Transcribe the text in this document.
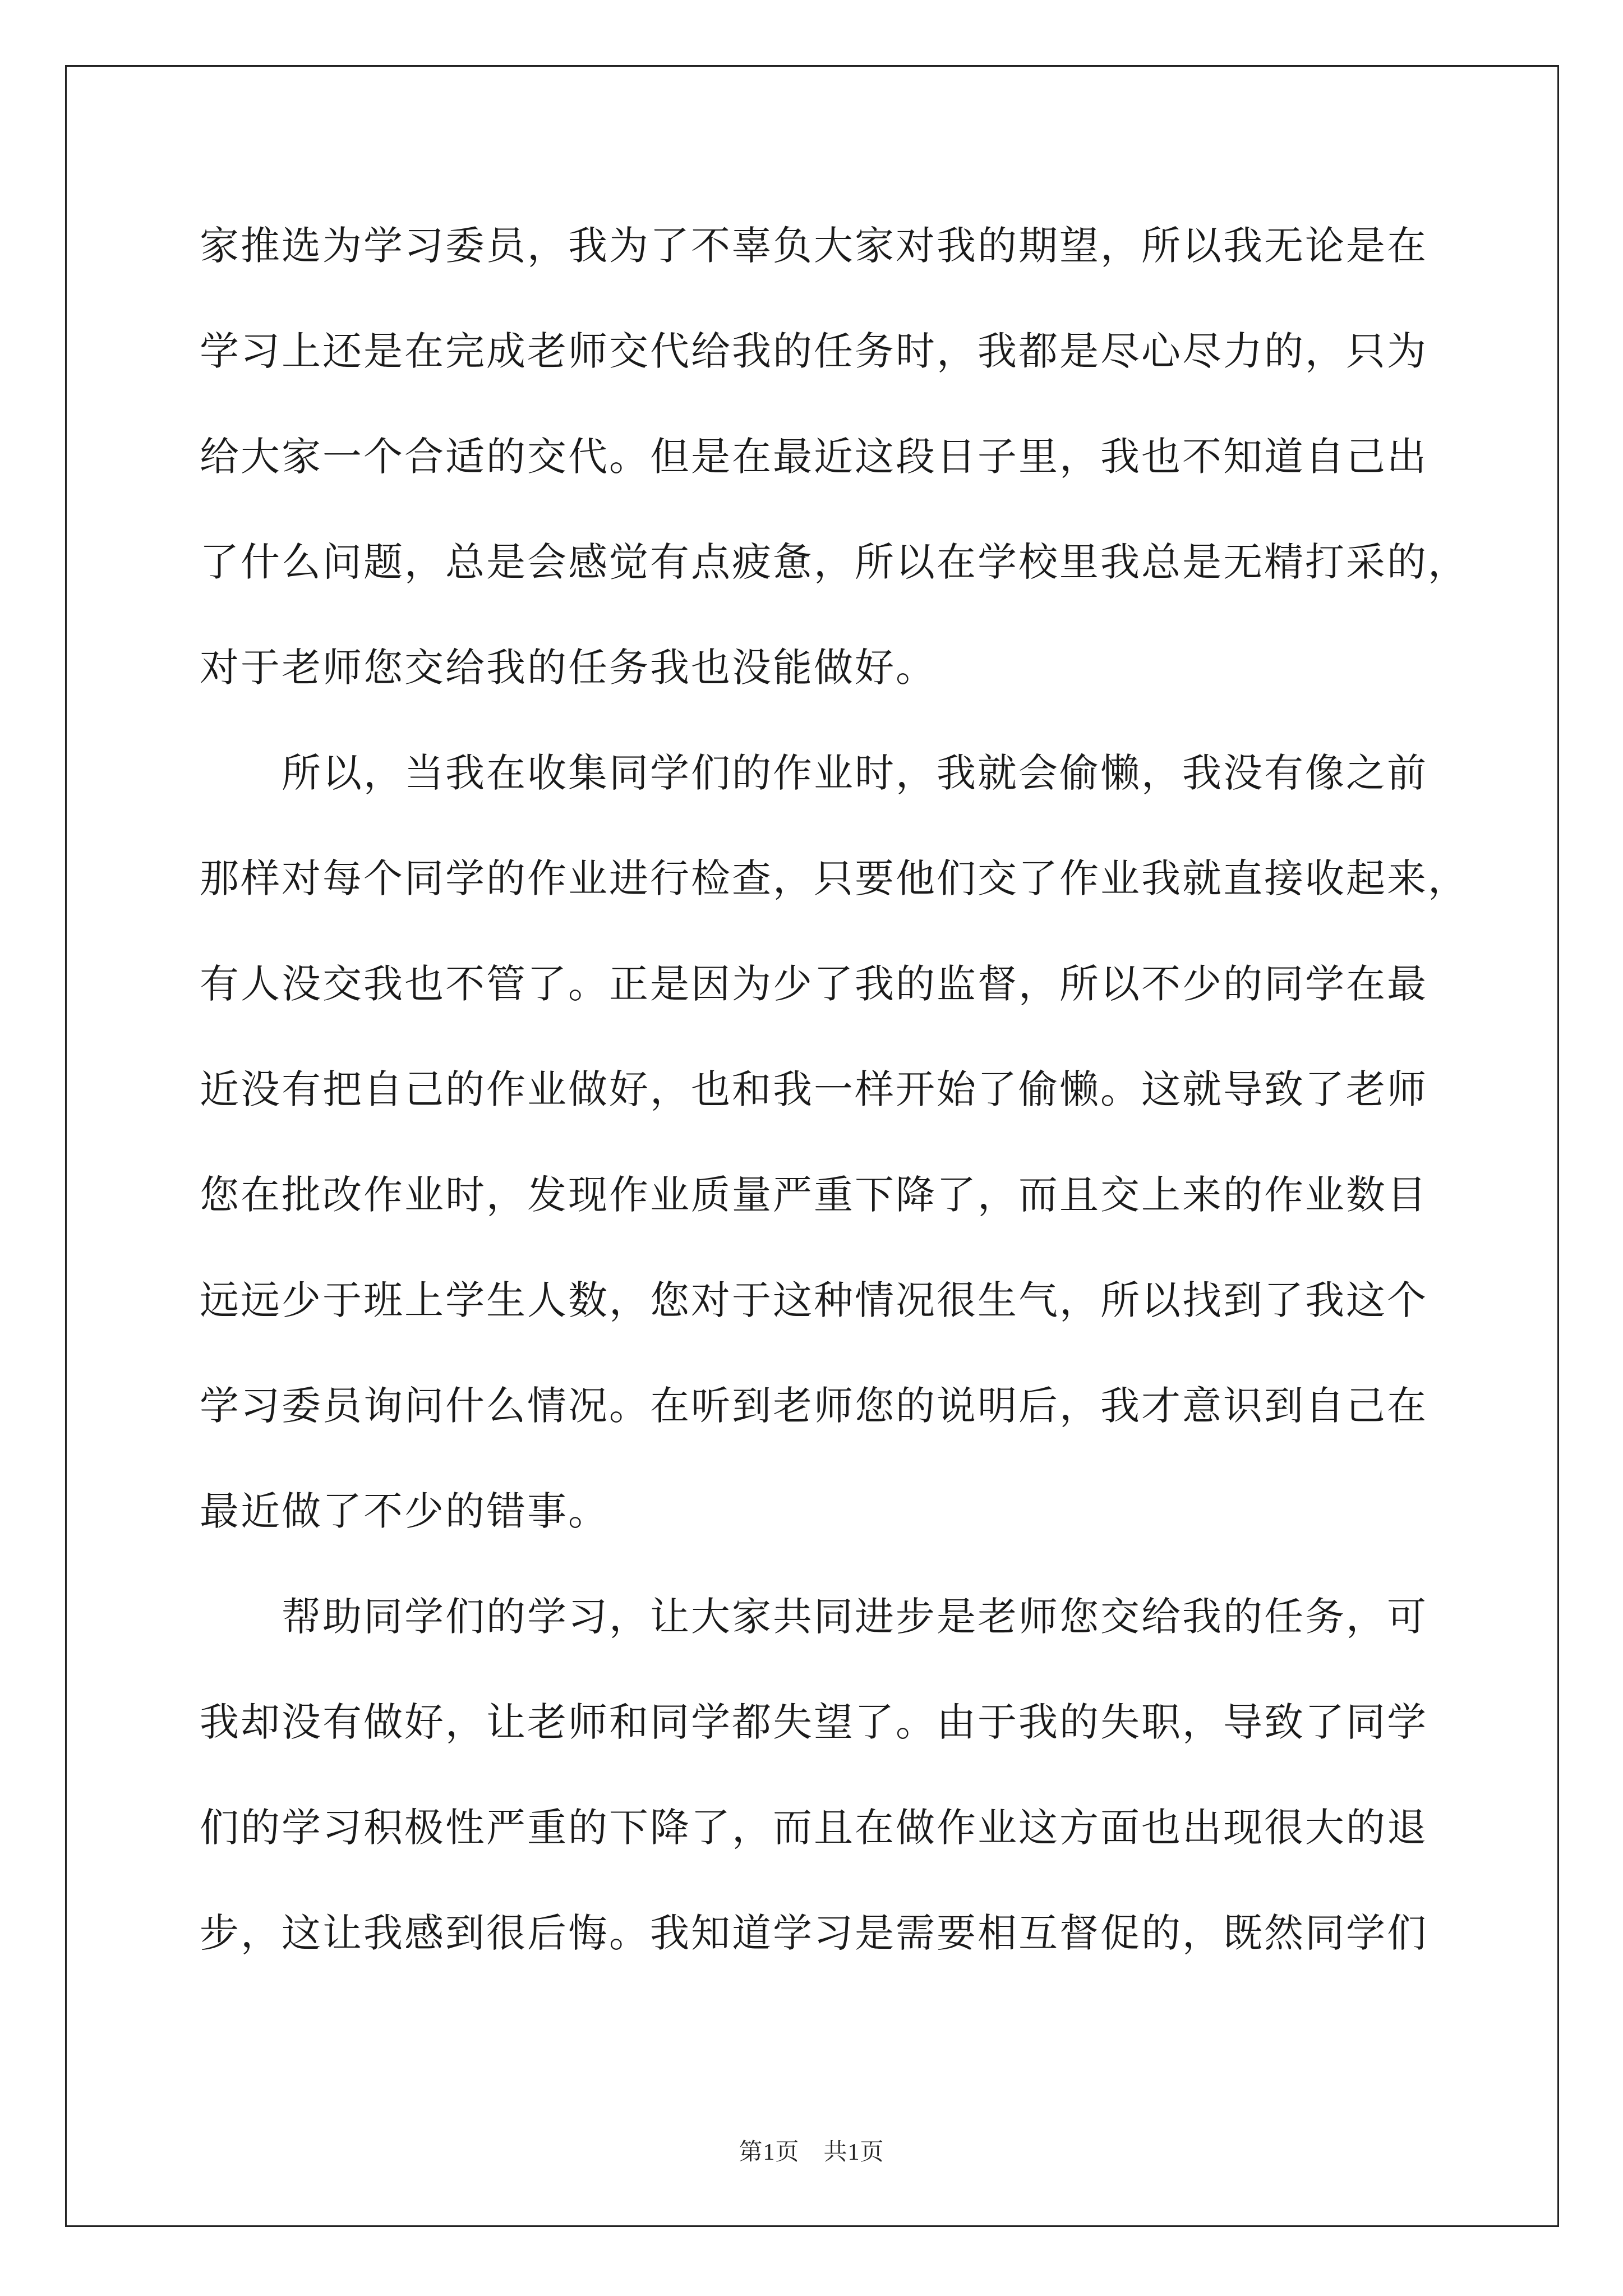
家推选为学习委员，我为了不辜负大家对我的期望，所以我无论是在
学习上还是在完成老师交代给我的任务时，我都是尽心尽力的，只为
给大家一个合适的交代。但是在最近这段日子里，我也不知道自己出
了什么问题，总是会感觉有点疲惫，所以在学校里我总是无精打采的，
对于老师您交给我的任务我也没能做好。
所以，当我在收集同学们的作业时，我就会偷懒，我没有像之前
那样对每个同学的作业进行检查，只要他们交了作业我就直接收起来，
有人没交我也不管了。正是因为少了我的监督，所以不少的同学在最
近没有把自己的作业做好，也和我一样开始了偷懒。这就导致了老师
您在批改作业时，发现作业质量严重下降了，而且交上来的作业数目
远远少于班上学生人数，您对于这种情况很生气，所以找到了我这个
学习委员询问什么情况。在听到老师您的说明后，我才意识到自己在
最近做了不少的错事。
帮助同学们的学习，让大家共同进步是老师您交给我的任务，可
我却没有做好，让老师和同学都失望了。由于我的失职，导致了同学
们的学习积极性严重的下降了，而且在做作业这方面也出现很大的退
步，这让我感到很后悔。我知道学习是需要相互督促的，既然同学们
第1页　共1页
